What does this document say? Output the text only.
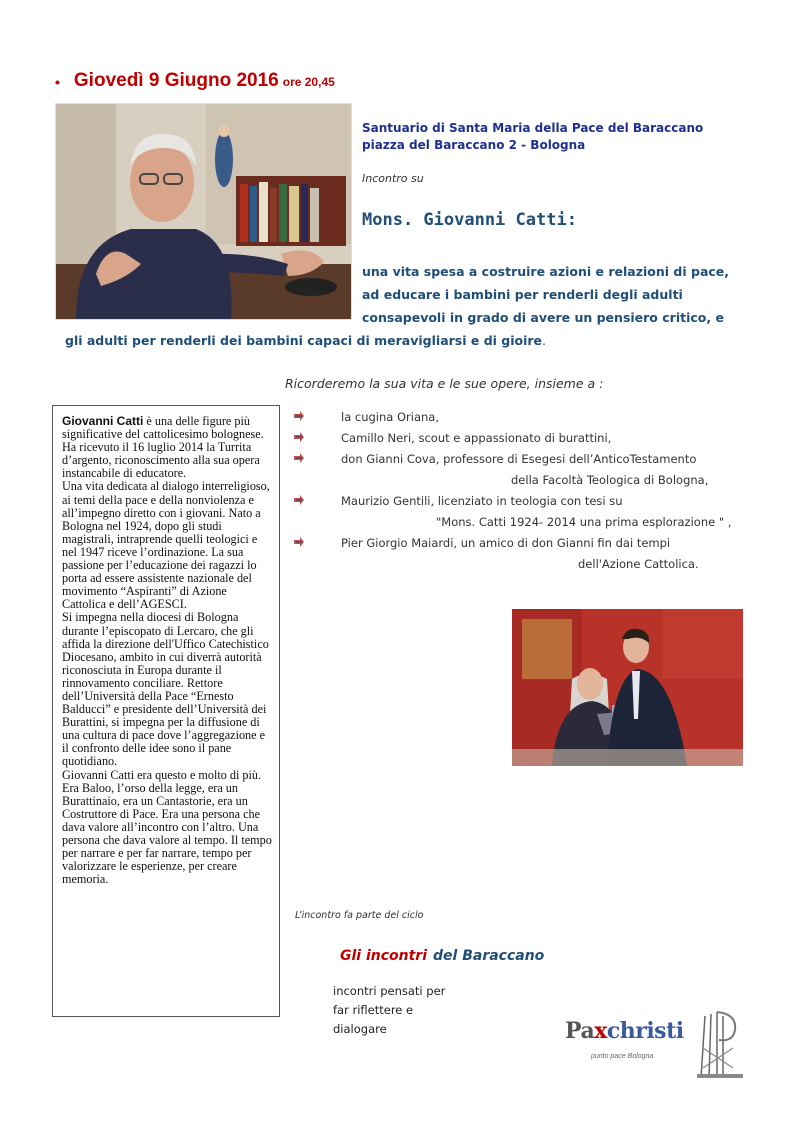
• Giovedì 9 Giugno 2016 ore 20,45
Santuario di Santa Maria della Pace del Baraccano
piazza del Baraccano 2 - Bologna
Incontro su
Mons. Giovanni Catti:
una vita spesa a costruire azioni e relazioni di pace,
ad educare i bambini per renderli degli adulti
consapevoli in grado di avere un pensiero critico, e
gli adulti per renderli dei bambini capaci di meravigliarsi e di gioire.
Ricorderemo la sua vita e le sue opere, insieme a :

Giovanni Catti è una delle figure più significative del cattolicesimo bolognese. Ha ricevuto il 16 luglio 2014 la Turrita d’argento, riconoscimento alla sua opera instancabile di educatore.

Una vita dedicata al dialogo interreligioso, ai temi della pace e della nonviolenza e all’impegno diretto con i giovani. Nato a Bologna nel 1924, dopo gli studi magistrali, intraprende quelli teologici e nel 1947 riceve l’ordinazione. La sua passione per l’educazione dei ragazzi lo porta ad essere assistente nazionale del movimento “Aspiranti” di Azione Cattolica e dell’AGESCI.

Si impegna nella diocesi di Bologna durante l’episcopato di Lercaro, che gli affida la direzione dell'Uffico Catechistico Diocesano, ambito in cui diverrà autorità riconosciuta in Europa durante il rinnovamento conciliare. Rettore dell’Università della Pace “Ernesto Balducci” e presidente dell’Università dei Burattini, si impegna per la diffusione di una cultura di pace dove l’aggregazione e il confronto delle idee sono il pane quotidiano.

Giovanni Catti era questo e molto di più. Era Baloo, l’orso della legge, era un Burattinaio, era un Cantastorie, era un Costruttore di Pace. Era una persona che dava valore all’incontro con l’altro. Una persona che dava valore al tempo. Il tempo per narrare e per far narrare, tempo per valorizzare le esperienze, per creare memoria.

la cugina Oriana,
Camillo Neri, scout e appassionato di burattini,
don Gianni Cova, professore di Esegesi dell’AnticoTestamento
della Facoltà Teologica di Bologna,
Maurizio Gentili, licenziato in teologia con tesi su
"Mons. Catti 1924- 2014 una prima esplorazione " ,
Pier Giorgio Maiardi, un amico di don Gianni fin dai tempi
dell'Azione Cattolica.
L’incontro fa parte del ciclo
Gli incontri del Baraccano

incontri pensati per

far riflettere e

dialogare	Paxchristi
punto pace Bologna
